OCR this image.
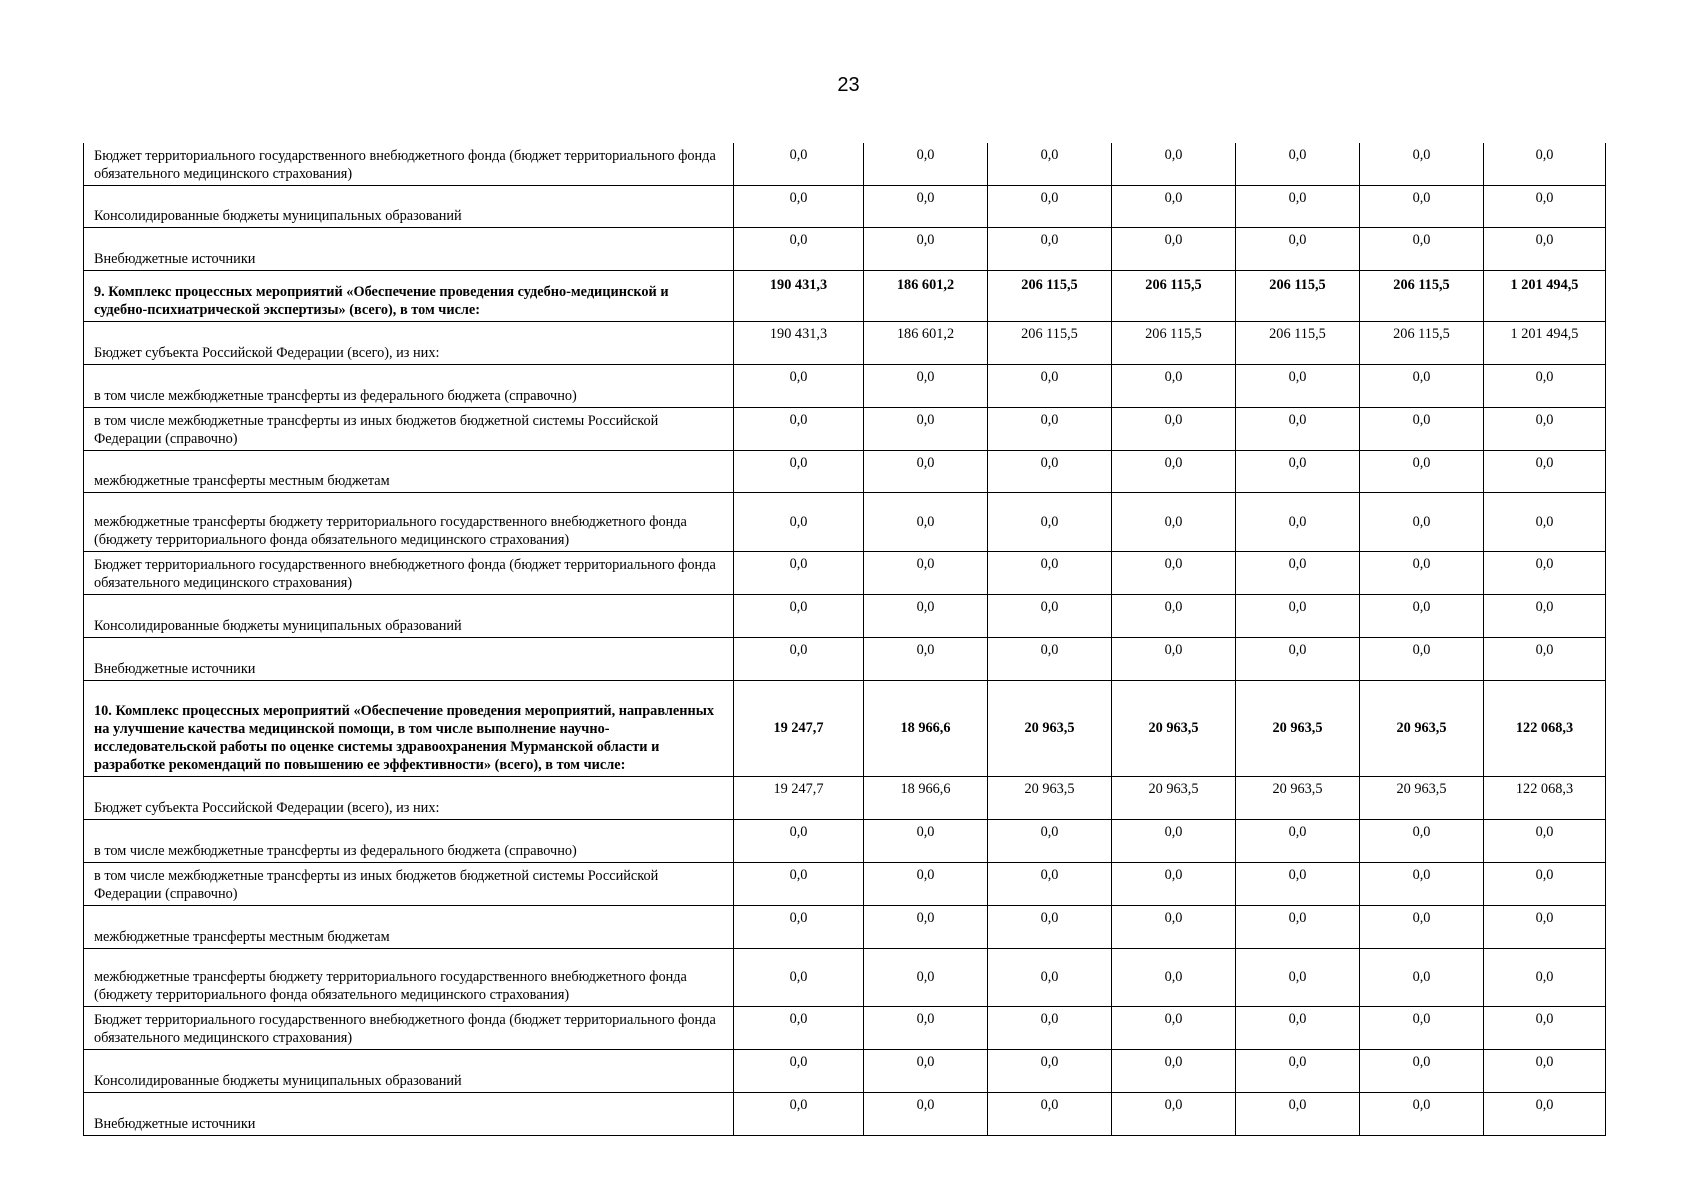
23
Бюджет территориального государственного внебюджетного фонда (бюджет территориального фонда обязательного медицинского страхования)	0,0	0,0	0,0	0,0	0,0	0,0	0,0
Консолидированные бюджеты муниципальных образований	0,0	0,0	0,0	0,0	0,0	0,0	0,0
Внебюджетные источники	0,0	0,0	0,0	0,0	0,0	0,0	0,0
9. Комплекс процессных мероприятий «Обеспечение проведения судебно-медицинской и судебно-психиатрической экспертизы» (всего), в том числе:	190 431,3	186 601,2	206 115,5	206 115,5	206 115,5	206 115,5	1 201 494,5
Бюджет субъекта Российской Федерации (всего), из них:	190 431,3	186 601,2	206 115,5	206 115,5	206 115,5	206 115,5	1 201 494,5
в том числе межбюджетные трансферты из федерального бюджета (справочно)	0,0	0,0	0,0	0,0	0,0	0,0	0,0
в том числе межбюджетные трансферты из иных бюджетов бюджетной системы Российской Федерации (справочно)	0,0	0,0	0,0	0,0	0,0	0,0	0,0
межбюджетные трансферты местным бюджетам	0,0	0,0	0,0	0,0	0,0	0,0	0,0
межбюджетные трансферты бюджету территориального государственного внебюджетного фонда (бюджету территориального фонда обязательного медицинского страхования)	0,0	0,0	0,0	0,0	0,0	0,0	0,0
Бюджет территориального государственного внебюджетного фонда (бюджет территориального фонда обязательного медицинского страхования)	0,0	0,0	0,0	0,0	0,0	0,0	0,0
Консолидированные бюджеты муниципальных образований	0,0	0,0	0,0	0,0	0,0	0,0	0,0
Внебюджетные источники	0,0	0,0	0,0	0,0	0,0	0,0	0,0
10. Комплекс процессных мероприятий «Обеспечение проведения мероприятий, направленных на улучшение качества медицинской помощи, в том числе выполнение научно-исследовательской работы по оценке системы здравоохранения Мурманской области и разработке рекомендаций по повышению ее эффективности» (всего), в том числе:	19 247,7	18 966,6	20 963,5	20 963,5	20 963,5	20 963,5	122 068,3
Бюджет субъекта Российской Федерации (всего), из них:	19 247,7	18 966,6	20 963,5	20 963,5	20 963,5	20 963,5	122 068,3
в том числе межбюджетные трансферты из федерального бюджета (справочно)	0,0	0,0	0,0	0,0	0,0	0,0	0,0
в том числе межбюджетные трансферты из иных бюджетов бюджетной системы Российской Федерации (справочно)	0,0	0,0	0,0	0,0	0,0	0,0	0,0
межбюджетные трансферты местным бюджетам	0,0	0,0	0,0	0,0	0,0	0,0	0,0
межбюджетные трансферты бюджету территориального государственного внебюджетного фонда (бюджету территориального фонда обязательного медицинского страхования)	0,0	0,0	0,0	0,0	0,0	0,0	0,0
Бюджет территориального государственного внебюджетного фонда (бюджет территориального фонда обязательного медицинского страхования)	0,0	0,0	0,0	0,0	0,0	0,0	0,0
Консолидированные бюджеты муниципальных образований	0,0	0,0	0,0	0,0	0,0	0,0	0,0
Внебюджетные источники	0,0	0,0	0,0	0,0	0,0	0,0	0,0
